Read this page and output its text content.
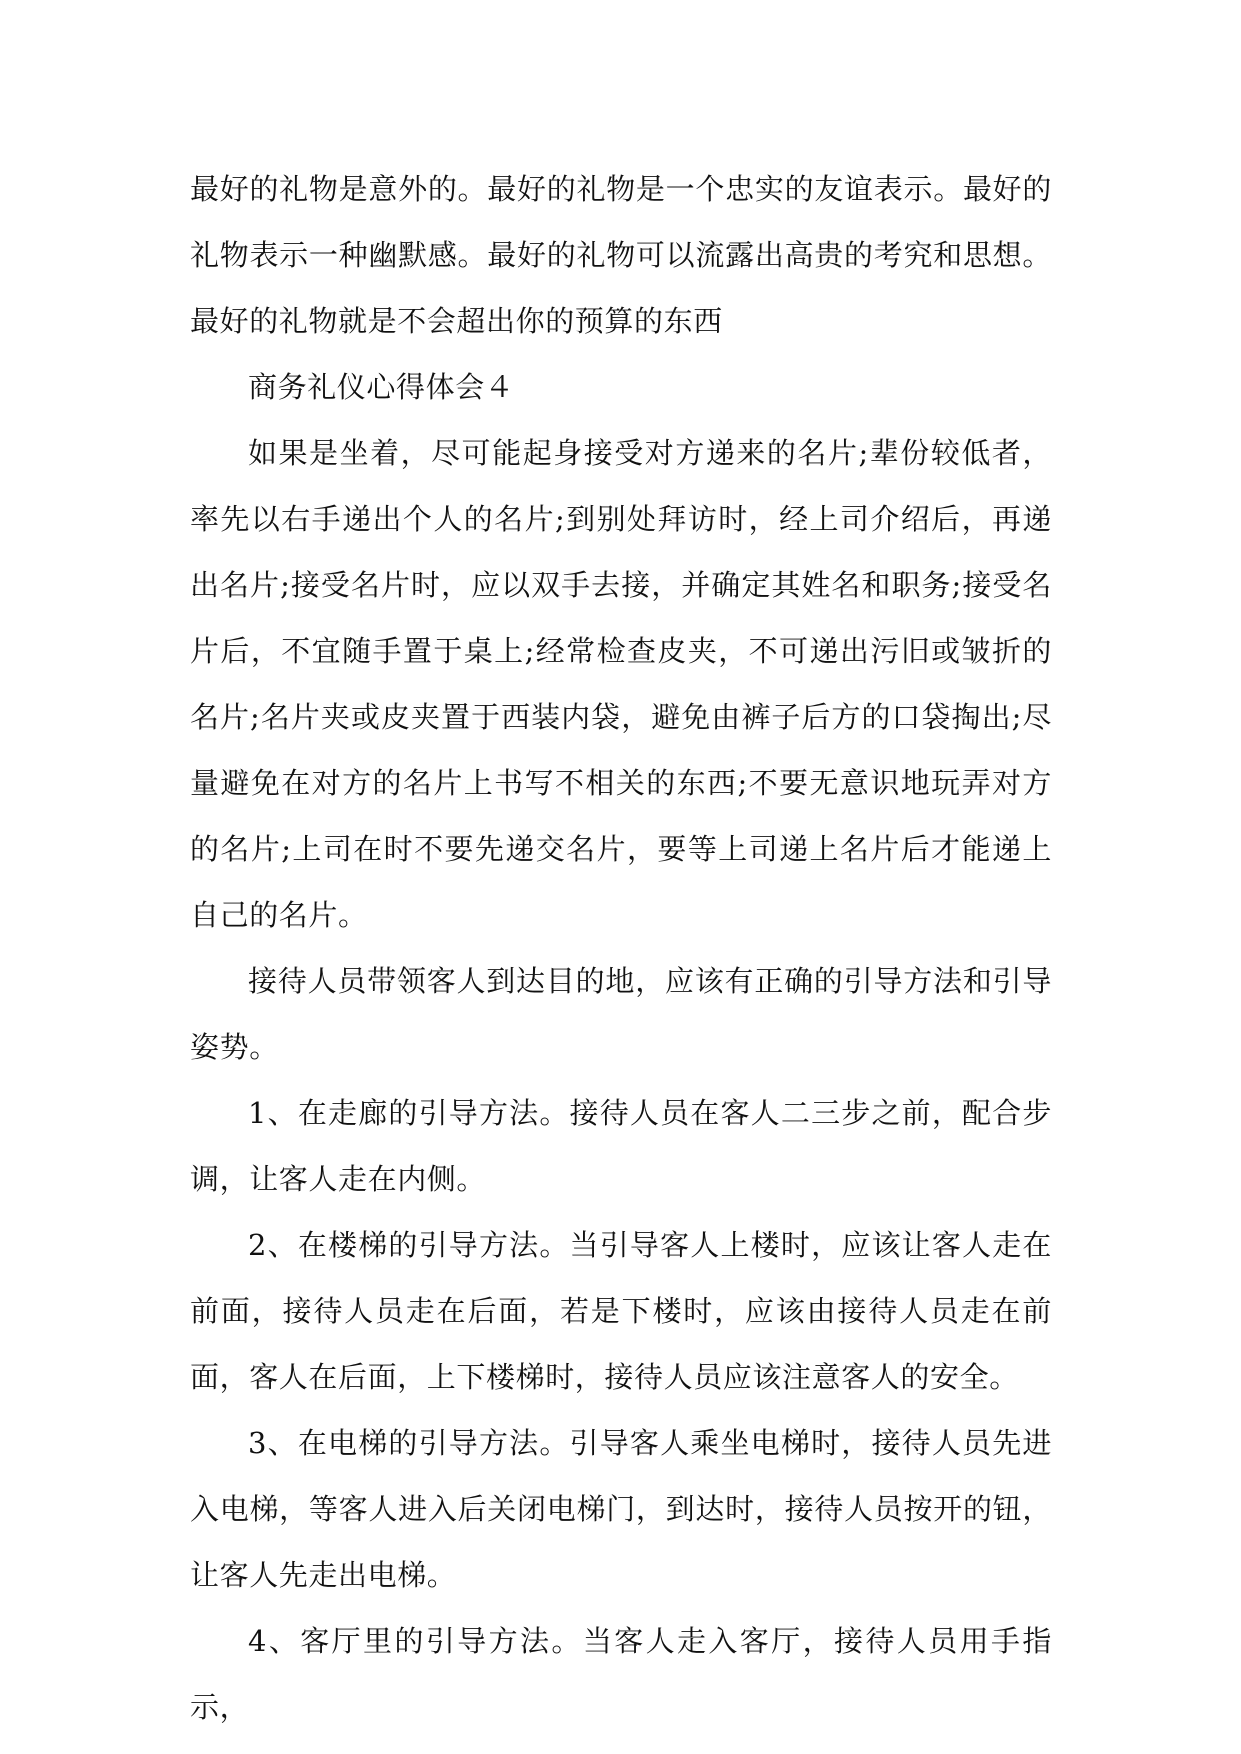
最好的礼物是意外的。最好的礼物是一个忠实的友谊表示。最好的礼物表示一种幽默感。最好的礼物可以流露出高贵的考究和思想。最好的礼物就是不会超出你的预算的东西

商务礼仪心得体会４

如果是坐着，尽可能起身接受对方递来的名片;辈份较低者，率先以右手递出个人的名片;到别处拜访时，经上司介绍后，再递出名片;接受名片时，应以双手去接，并确定其姓名和职务;接受名片后，不宜随手置于桌上;经常检查皮夹，不可递出污旧或皱折的名片;名片夹或皮夹置于西装内袋，避免由裤子后方的口袋掏出;尽量避免在对方的名片上书写不相关的东西;不要无意识地玩弄对方的名片;上司在时不要先递交名片，要等上司递上名片后才能递上自己的名片。

接待人员带领客人到达目的地，应该有正确的引导方法和引导姿势。

1、在走廊的引导方法。接待人员在客人二三步之前，配合步调，让客人走在内侧。

2、在楼梯的引导方法。当引导客人上楼时，应该让客人走在前面，接待人员走在后面，若是下楼时，应该由接待人员走在前面，客人在后面，上下楼梯时，接待人员应该注意客人的安全。

3、在电梯的引导方法。引导客人乘坐电梯时，接待人员先进入电梯，等客人进入后关闭电梯门，到达时，接待人员按开的钮，让客人先走出电梯。

4、客厅里的引导方法。当客人走入客厅，接待人员用手指示，
